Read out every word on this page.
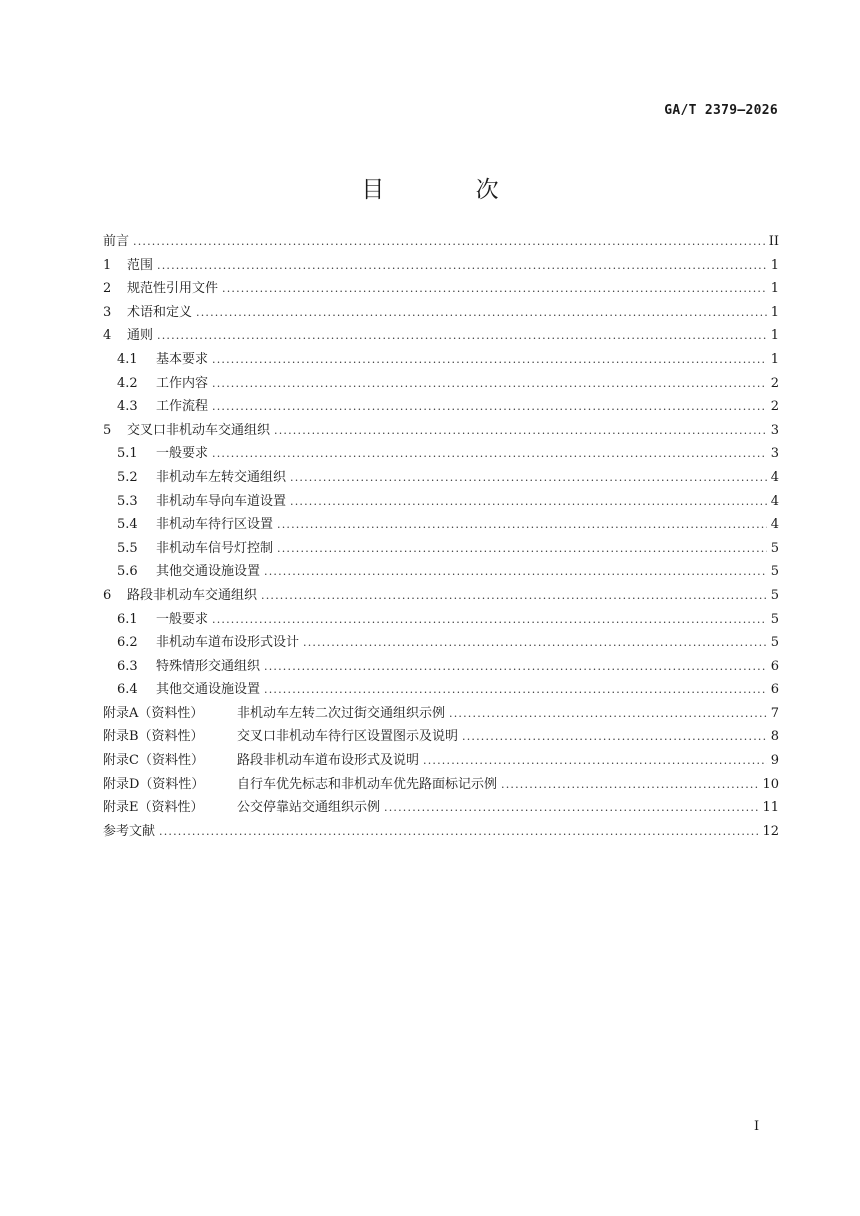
GA/T 2379—2026
目 次
前言 .....	II
1	范围 .....	1
2	规范性引用文件 .....	1
3	术语和定义 .....	1
4	通则 .....	1
4.1	基本要求 .....	1
4.2	工作内容 .....	2
4.3	工作流程 .....	2
5	交叉口非机动车交通组织 .....	3
5.1	一般要求 .....	3
5.2	非机动车左转交通组织 .....	4
5.3	非机动车导向车道设置 .....	4
5.4	非机动车待行区设置 .....	4
5.5	非机动车信号灯控制 .....	5
5.6	其他交通设施设置 .....	5
6	路段非机动车交通组织 .....	5
6.1	一般要求 .....	5
6.2	非机动车道布设形式设计 .....	5
6.3	特殊情形交通组织 .....	6
6.4	其他交通设施设置 .....	6
附录A（资料性）	非机动车左转二次过街交通组织示例 .....	7
附录B（资料性）	交叉口非机动车待行区设置图示及说明 .....	8
附录C（资料性）	路段非机动车道布设形式及说明 .....	9
附录D（资料性）	自行车优先标志和非机动车优先路面标记示例 .....	10
附录E（资料性）	公交停靠站交通组织示例 .....	11
参考文献 .....	12
I
